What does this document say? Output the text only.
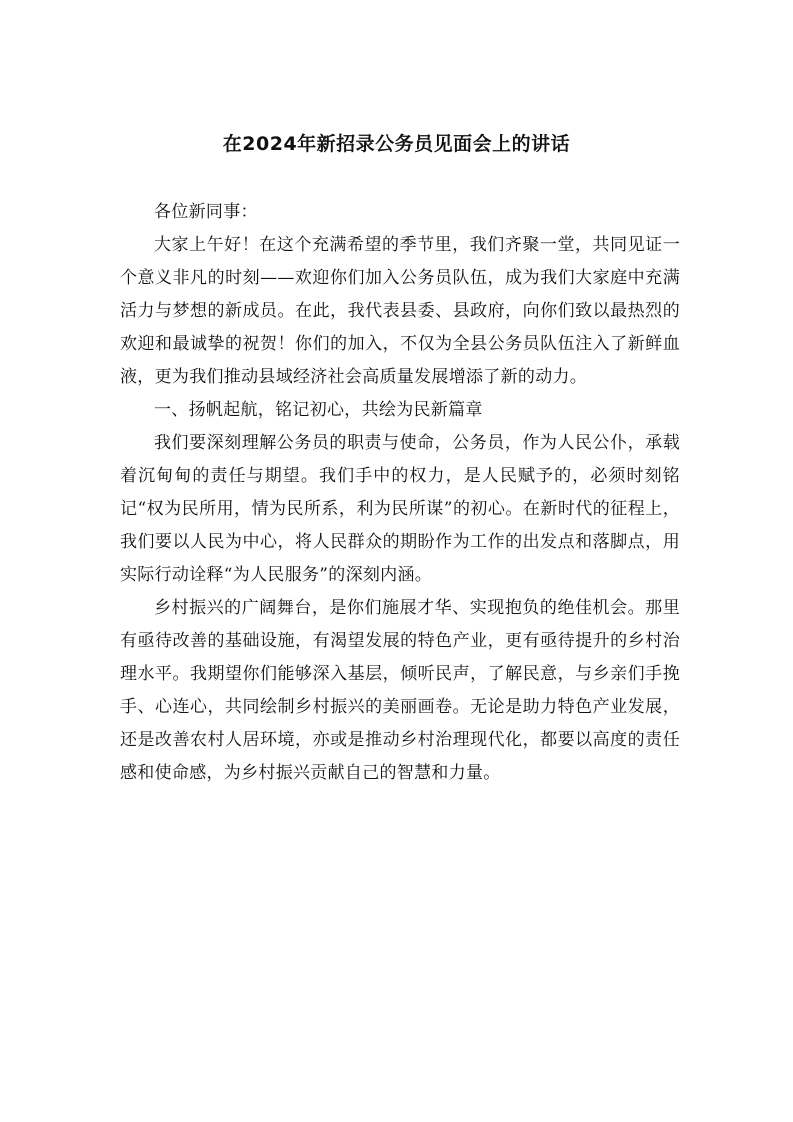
在2024年新招录公务员见面会上的讲话

各位新同事：

大家上午好！在这个充满希望的季节里，我们齐聚一堂，共同见证一个意义非凡的时刻——欢迎你们加入公务员队伍，成为我们大家庭中充满活力与梦想的新成员。在此，我代表县委、县政府，向你们致以最热烈的欢迎和最诚挚的祝贺！你们的加入，不仅为全县公务员队伍注入了新鲜血液，更为我们推动县域经济社会高质量发展增添了新的动力。

一、扬帆起航，铭记初心，共绘为民新篇章

我们要深刻理解公务员的职责与使命，公务员，作为人民公仆，承载着沉甸甸的责任与期望。我们手中的权力，是人民赋予的，必须时刻铭记“权为民所用，情为民所系，利为民所谋”的初心。在新时代的征程上，我们要以人民为中心，将人民群众的期盼作为工作的出发点和落脚点，用实际行动诠释“为人民服务”的深刻内涵。

乡村振兴的广阔舞台，是你们施展才华、实现抱负的绝佳机会。那里有亟待改善的基础设施，有渴望发展的特色产业，更有亟待提升的乡村治理水平。我期望你们能够深入基层，倾听民声，了解民意，与乡亲们手挽手、心连心，共同绘制乡村振兴的美丽画卷。无论是助力特色产业发展，还是改善农村人居环境，亦或是推动乡村治理现代化，都要以高度的责任感和使命感，为乡村振兴贡献自己的智慧和力量。
